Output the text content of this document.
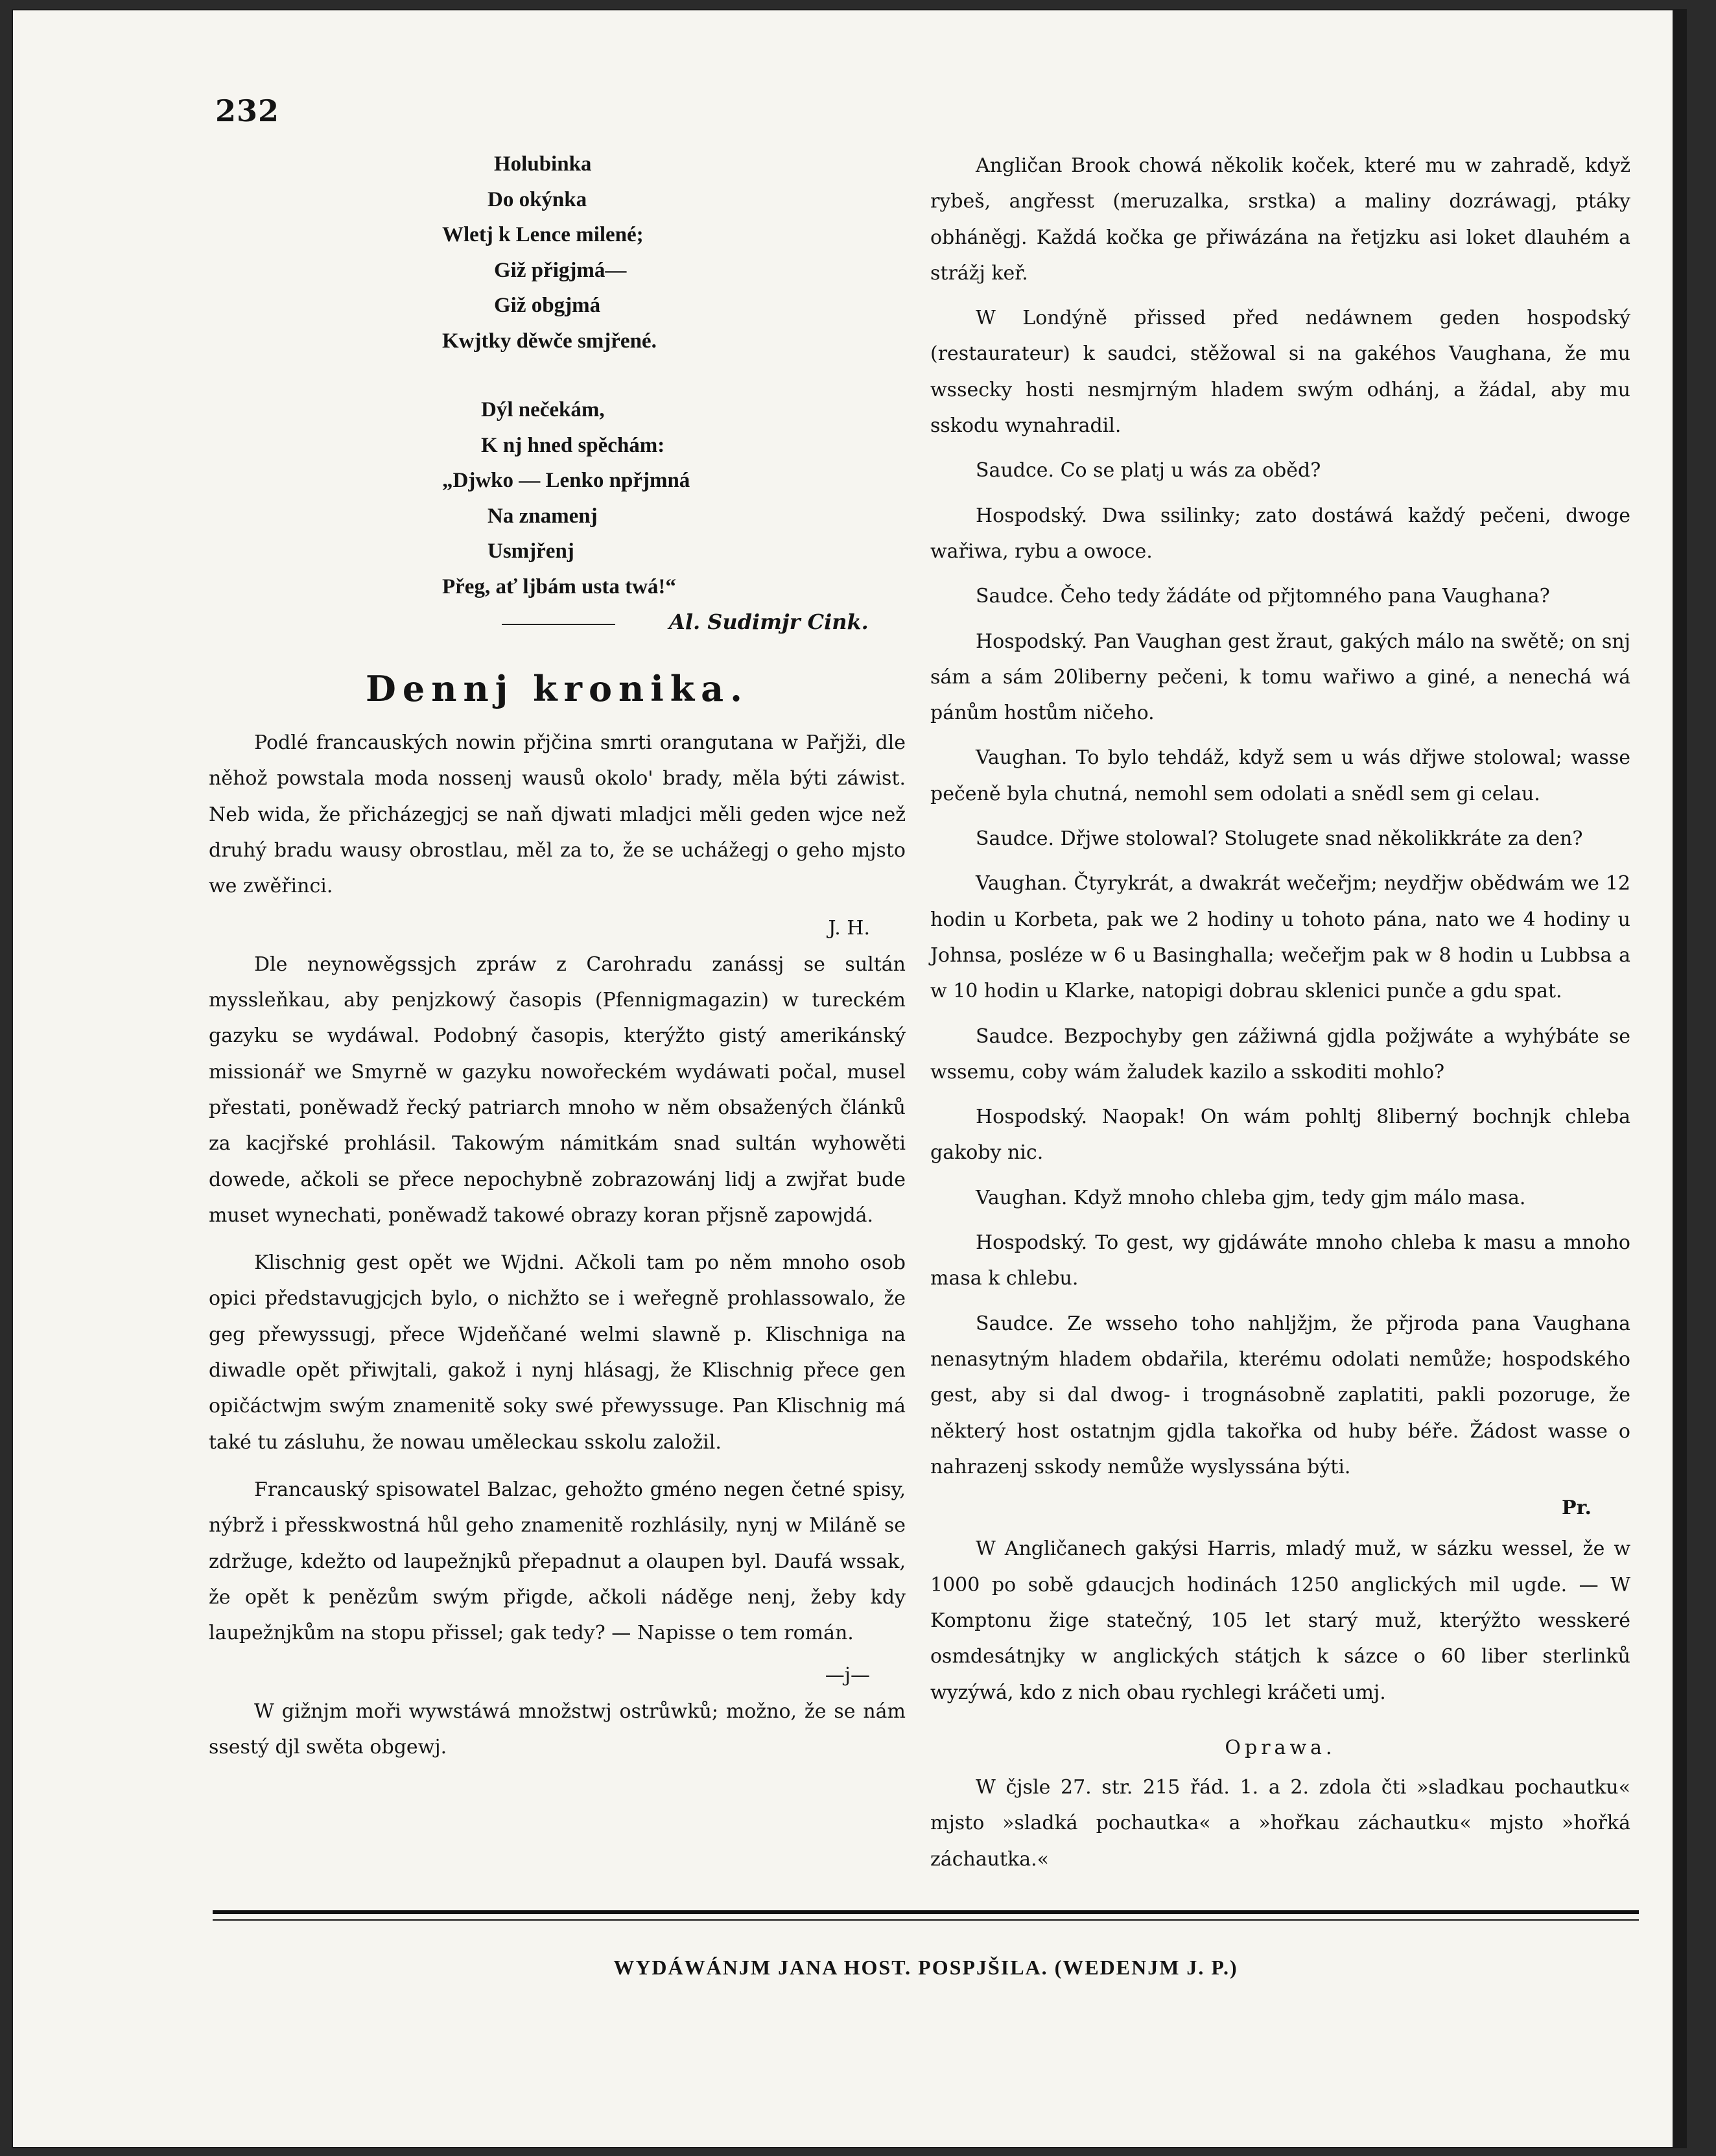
232
Holubinka
Do okýnka
Wletj k Lence milené;
Giž přigjmá—
Giž obgjmá
Kwjtky děwče smjřené.
Dýl nečekám,
K nj hned spěchám:
„Djwko — Lenko npřjmná
Na znamenj
Usmjřenj
Přeg, ať ljbám usta twá!“
Al. Sudimjr Cink.
Dennj kronika.

Podlé francauských nowin přjčina smrti orangutana w Pařjži, dle něhož powstala moda nossenj wausů okolo' brady, měla býti záwist. Neb wida, že přicházegjcj se naň djwati mladjci měli geden wjce než druhý bradu wausy obrostlau, měl za to, že se uchážegj o geho mjsto we zwěřinci.

J. H.

Dle neynowěgssjch zpráw z Carohradu zanássj se sultán myssleňkau, aby penjzkowý časopis (Pfennigmagazin) w tureckém gazyku se wydáwal. Podobný časopis, kterýžto gistý amerikánský missionář we Smyrně w gazyku nowořeckém wydáwati počal, musel přestati, poněwadž řecký patriarch mnoho w něm obsažených článků za kacjřské prohlásil. Takowým námitkám snad sultán wyhowěti dowede, ačkoli se přece nepochybně zobrazowánj lidj a zwjřat bude muset wynechati, poněwadž takowé obrazy koran přjsně zapowjdá.

Klischnig gest opět we Wjdni. Ačkoli tam po něm mnoho osob opici představugjcjch bylo, o nichžto se i weřegně prohlassowalo, že geg přewyssugj, přece Wjdeňčané welmi slawně p. Klischniga na diwadle opět přiwjtali, gakož i nynj hlásagj, že Klischnig přece gen opičáctwjm swým znamenitě soky swé přewyssuge. Pan Klischnig má také tu zásluhu, že nowau uměleckau sskolu založil.

Francauský spisowatel Balzac, gehožto gméno negen četné spisy, nýbrž i přesskwostná hůl geho znamenitě rozhlásily, nynj w Miláně se zdržuge, kdežto od laupežnjků přepadnut a olaupen byl. Daufá wssak, že opět k penězům swým přigde, ačkoli náděge nenj, žeby kdy laupežnjkům na stopu přissel; gak tedy? — Napisse o tem román.

—j—

W gižnjm moři wywstáwá množstwj ostrůwků; možno, že se nám ssestý djl swěta obgewj.

Angličan Brook chowá několik koček, které mu w zahradě, když rybeš, angřesst (meruzalka, srstka) a maliny dozráwagj, ptáky obháněgj. Každá kočka ge přiwázána na řetjzku asi loket dlauhém a strážj keř.

W Londýně přissed před nedáwnem geden hospodský (restaurateur) k saudci, stěžowal si na gakéhos Vaughana, že mu wssecky hosti nesmjrným hladem swým odhánj, a žádal, aby mu sskodu wynahradil.

Saudce. Co se platj u wás za oběd?

Hospodský. Dwa ssilinky; zato dostáwá každý pečeni, dwoge wařiwa, rybu a owoce.

Saudce. Čeho tedy žádáte od přjtomného pana Vaughana?

Hospodský. Pan Vaughan gest žraut, gakých málo na swětě; on snj sám a sám 20liberny pečeni, k tomu wařiwo a giné, a nenechá wá pánům hostům ničeho.

Vaughan. To bylo tehdáž, když sem u wás dřjwe stolowal; wasse pečeně byla chutná, nemohl sem odolati a snědl sem gi celau.

Saudce. Dřjwe stolowal? Stolugete snad několikkráte za den?

Vaughan. Čtyrykrát, a dwakrát wečeřjm; neydřjw obědwám we 12 hodin u Korbeta, pak we 2 hodiny u tohoto pána, nato we 4 hodiny u Johnsa, posléze w 6 u Basinghalla; wečeřjm pak w 8 hodin u Lubbsa a w 10 hodin u Klarke, natopigi dobrau sklenici punče a gdu spat.

Saudce. Bezpochyby gen zážiwná gjdla požjwáte a wyhýbáte se wssemu, coby wám žaludek kazilo a sskoditi mohlo?

Hospodský. Naopak! On wám pohltj 8liberný bochnjk chleba gakoby nic.

Vaughan. Když mnoho chleba gjm, tedy gjm málo masa.

Hospodský. To gest, wy gjdáwáte mnoho chleba k masu a mnoho masa k chlebu.

Saudce. Ze wsseho toho nahljžjm, že přjroda pana Vaughana nenasytným hladem obdařila, kterému odolati nemůže; hospodského gest, aby si dal dwog- i trognásobně zaplatiti, pakli pozoruge, že některý host ostatnjm gjdla takořka od huby béře. Žádost wasse o nahrazenj sskody nemůže wyslyssána býti.

Pr.

W Angličanech gakýsi Harris, mladý muž, w sázku wessel, že w 1000 po sobě gdaucjch hodinách 1250 anglických mil ugde. — W Komptonu žige statečný, 105 let starý muž, kterýžto wesskeré osmdesátnjky w anglických státjch k sázce o 60 liber sterlinků wyzýwá, kdo z nich obau rychlegi kráčeti umj.

Oprawa.

W čjsle 27. str. 215 řád. 1. a 2. zdola čti »sladkau pochautku« mjsto »sladká pochautka« a »hořkau záchautku« mjsto »hořká záchautka.«

WYDÁWÁNJM JANA HOST. POSPJŠILA. (WEDENJM J. P.)
